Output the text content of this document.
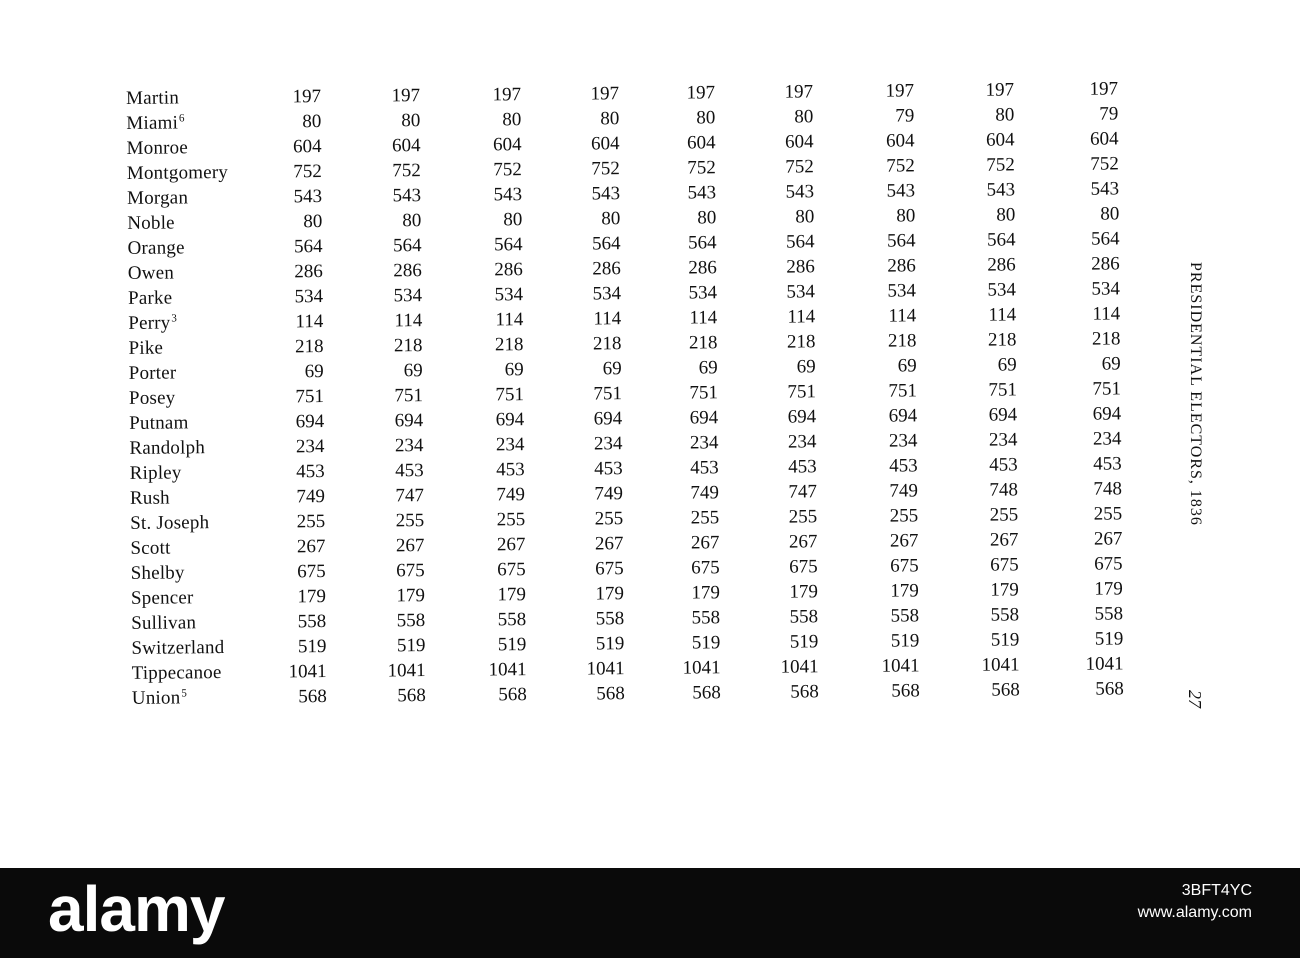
Martin	197	197	197	197	197	197	197	197	197
Miami$^6$	80	80	80	80	80	80	79	80	79
Monroe	604	604	604	604	604	604	604	604	604
Montgomery	752	752	752	752	752	752	752	752	752
Morgan	543	543	543	543	543	543	543	543	543
Noble	80	80	80	80	80	80	80	80	80
Orange	564	564	564	564	564	564	564	564	564
Owen	286	286	286	286	286	286	286	286	286
Parke	534	534	534	534	534	534	534	534	534
Perry$^3$	114	114	114	114	114	114	114	114	114
Pike	218	218	218	218	218	218	218	218	218
Porter	69	69	69	69	69	69	69	69	69
Posey	751	751	751	751	751	751	751	751	751
Putnam	694	694	694	694	694	694	694	694	694
Randolph	234	234	234	234	234	234	234	234	234
Ripley	453	453	453	453	453	453	453	453	453
Rush	749	747	749	749	749	747	749	748	748
St. Joseph	255	255	255	255	255	255	255	255	255
Scott	267	267	267	267	267	267	267	267	267
Shelby	675	675	675	675	675	675	675	675	675
Spencer	179	179	179	179	179	179	179	179	179
Sullivan	558	558	558	558	558	558	558	558	558
Switzerland	519	519	519	519	519	519	519	519	519
Tippecanoe	1041	1041	1041	1041	1041	1041	1041	1041	1041
Union$^5$	568	568	568	568	568	568	568	568	568
PRESIDENTIAL ELECTORS, 1836
27
alamy	3BFT4YC
www.alamy.com
